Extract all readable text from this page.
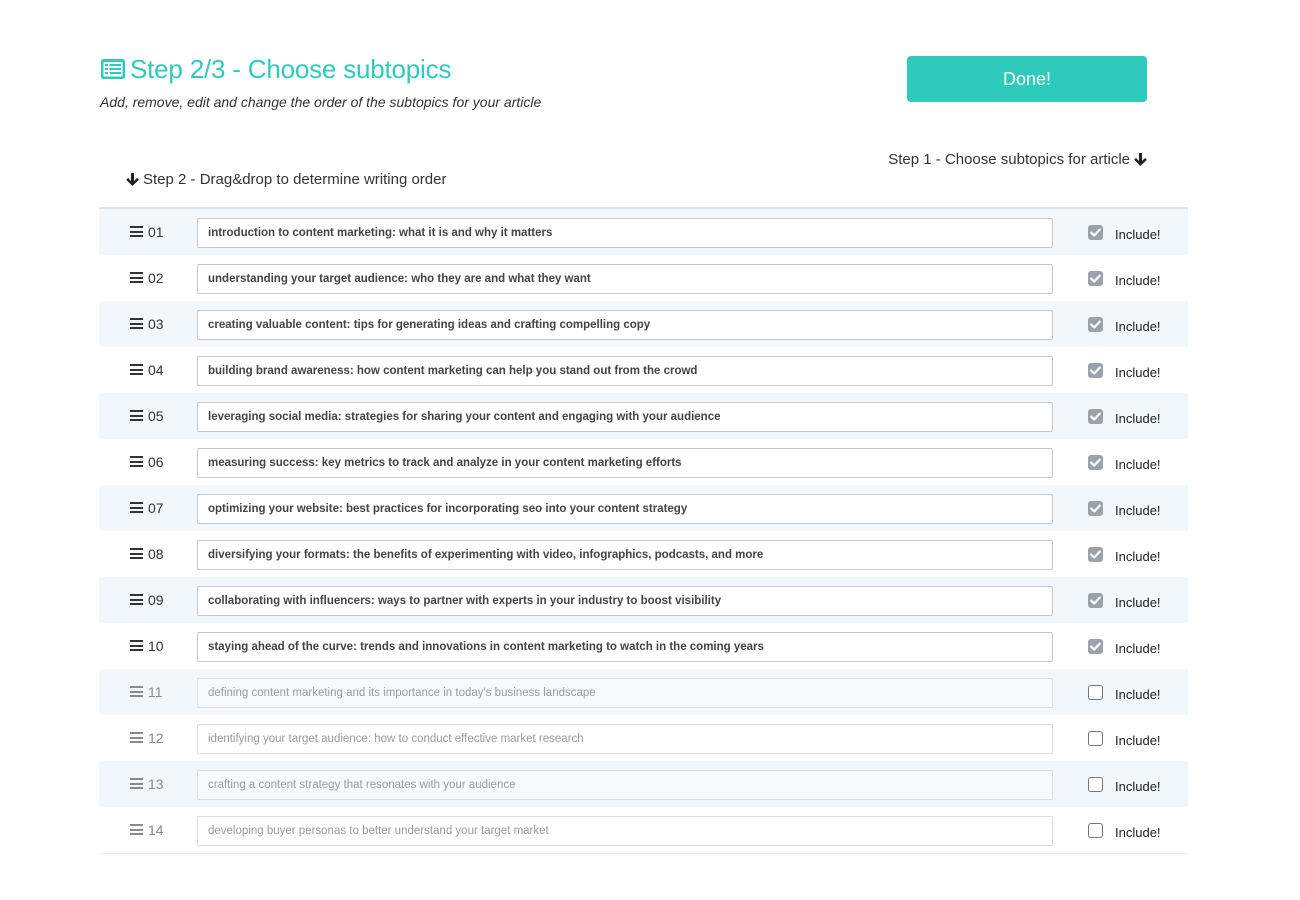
Step 2/3 - Choose subtopics
Add, remove, edit and change the order of the subtopics for your article
Done!
Step 1 - Choose subtopics for article
Step 2 - Drag&drop to determine writing order
01
introduction to content marketing: what it is and why it matters	Include!
02
understanding your target audience: who they are and what they want	Include!
03
creating valuable content: tips for generating ideas and crafting compelling copy	Include!
04
building brand awareness: how content marketing can help you stand out from the crowd	Include!
05
leveraging social media: strategies for sharing your content and engaging with your audience	Include!
06
measuring success: key metrics to track and analyze in your content marketing efforts	Include!
07
optimizing your website: best practices for incorporating seo into your content strategy	Include!
08
diversifying your formats: the benefits of experimenting with video, infographics, podcasts, and more	Include!
09
collaborating with influencers: ways to partner with experts in your industry to boost visibility	Include!
10
staying ahead of the curve: trends and innovations in content marketing to watch in the coming years	Include!
11
defining content marketing and its importance in today's business landscape	Include!
12
identifying your target audience: how to conduct effective market research	Include!
13
crafting a content strategy that resonates with your audience	Include!
14
developing buyer personas to better understand your target market	Include!
